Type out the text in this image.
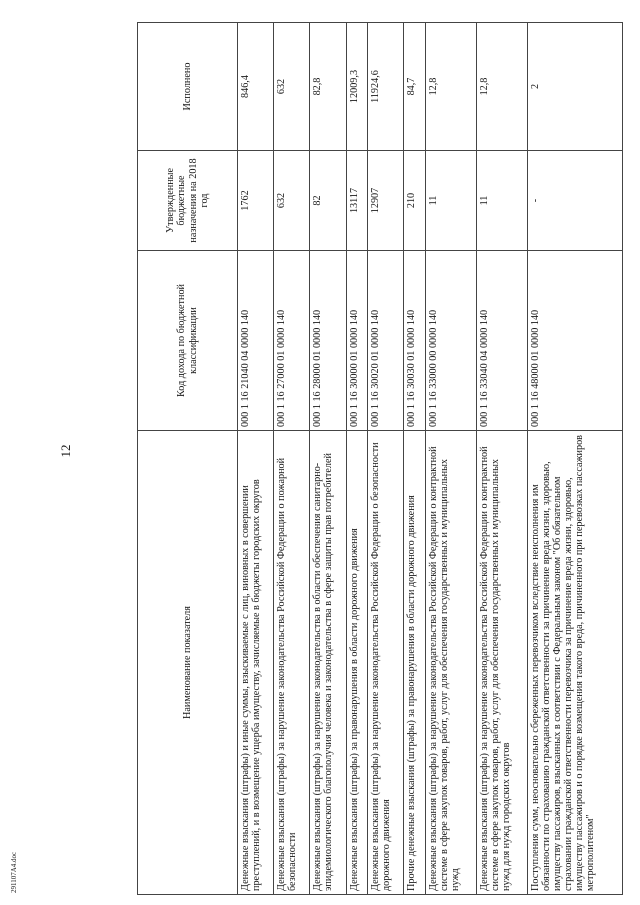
12
Наименование показателя	Код дохода по бюджетной классификации	Утвержденные бюджетные назначения на 2018 год	Исполнено
Денежные взыскания (штрафы) и иные суммы, взыскиваемые с лиц, виновных в совершении преступлений, и в возмещение ущерба имуществу, зачисляемые в бюджеты городских округов	000 1 16 21040 04 0000 140	1762	846,4
Денежные взыскания (штрафы) за нарушение законодательства Российской Федерации о пожарной безопасности	000 1 16 27000 01 0000 140	632	632
Денежные взыскания (штрафы) за нарушение законодательства в области обеспечения санитарно-эпидемиологического благополучия человека и законодательства в сфере защиты прав потребителей	000 1 16 28000 01 0000 140	82	82,8
Денежные взыскания (штрафы) за правонарушения в области дорожного движения	000 1 16 30000 01 0000 140	13117	12009,3
Денежные взыскания (штрафы) за нарушение законодательства Российской Федерации о безопасности дорожного движения	000 1 16 30020 01 0000 140	12907	11924,6
Прочие денежные взыскания (штрафы) за правонарушения в области дорожного движения	000 1 16 30030 01 0000 140	210	84,7
Денежные взыскания (штрафы) за нарушение законодательства Российской Федерации о контрактной системе в сфере закупок товаров, работ, услуг для обеспечения государственных и муниципальных нужд	000 1 16 33000 00 0000 140	11	12,8
Денежные взыскания (штрафы) за нарушение законодательства Российской Федерации о контрактной системе в сфере закупок товаров, работ, услуг для обеспечения государственных и муниципальных нужд для нужд городских округов	000 1 16 33040 04 0000 140	11	12,8
Поступления сумм, неосновательно сбереженных перевозчиком вследствие неисполнения им обязанности по страхованию гражданской ответственности за причинение вреда жизни, здоровью, имуществу пассажиров, взысканных в соответствии с Федеральным законом "Об обязательном страховании гражданской ответственности перевозчика за причинение вреда жизни, здоровью, имуществу пассажиров и о порядке возмещения такого вреда, причиненного при перевозках пассажиров метрополитеном"	000 1 16 48000 01 0000 140	-	2
291107A4.doc
